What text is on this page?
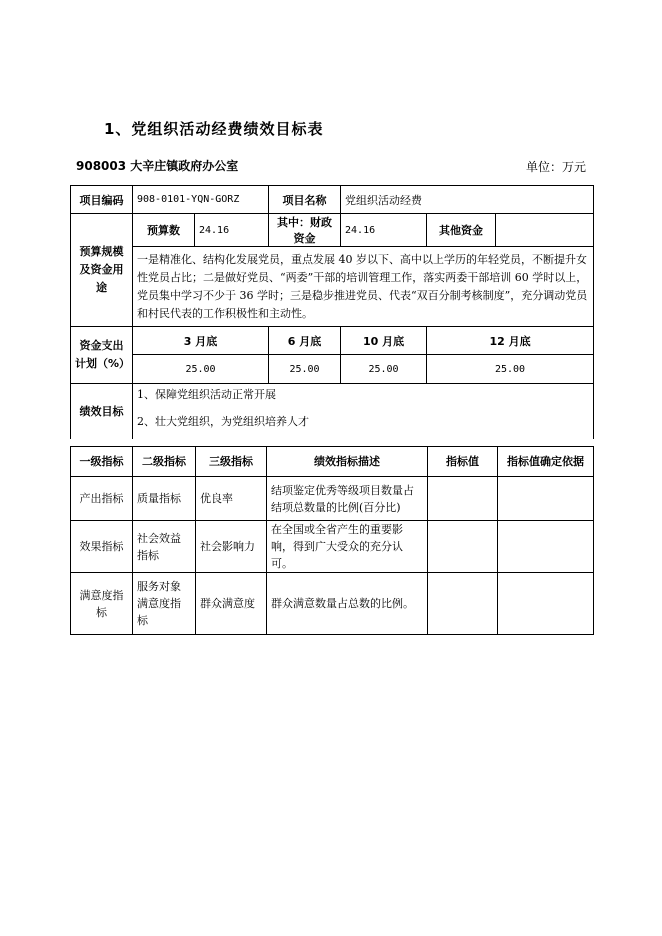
1、党组织活动经费绩效目标表
908003 大辛庄镇政府办公室	单位：万元
项目编码	908-0101-YQN-GORZ		项目名称	党组织活动经费		
预算规模及资金用途	预算数	24.16	其中：财政资金	24.16	其他资金	
	一是精准化、结构化发展党员，重点发展 40 岁以下、高中以上学历的年轻党员，不断提升女性党员占比；二是做好党员、“两委”干部的培训管理工作，落实两委干部培训 60 学时以上，党员集中学习不少于 36 学时；三是稳步推进党员、代表“双百分制考核制度”，充分调动党员和村民代表的工作积极性和主动性。					
资金支出计划（%）	3 月底		6 月底	10 月底	12 月底	
	25.00		25.00	25.00	25.00	
绩效目标	1、保障党组织活动正常开展
2、壮大党组织，为党组织培养人才					
一级指标	二级指标	三级指标	绩效指标描述	指标值	指标值确定依据
产出指标	质量指标	优良率	结项鉴定优秀等级项目数量占结项总数量的比例(百分比)		
效果指标	社会效益指标	社会影响力	在全国或全省产生的重要影响，得到广大受众的充分认可。		
满意度指标	服务对象满意度指标	群众满意度	群众满意数量占总数的比例。		
